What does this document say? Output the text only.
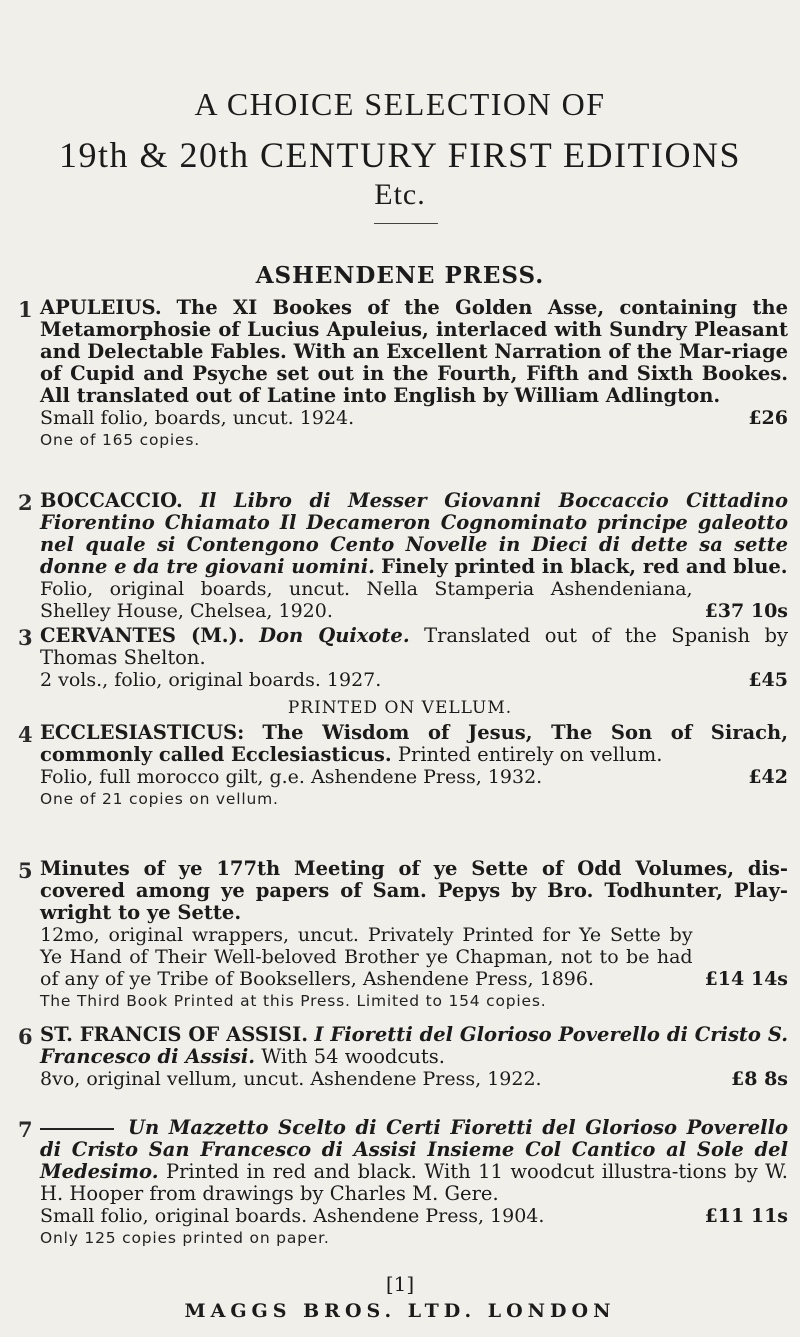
A CHOICE SELECTION OF
19th & 20th CENTURY FIRST EDITIONS
Etc.
ASHENDENE PRESS.
1 APULEIUS. The XI Bookes of the Golden Asse, containing the Metamorphosie of Lucius Apuleius, interlaced with Sundry Pleasant and Delectable Fables. With an Excellent Narration of the Mar-riage of Cupid and Psyche set out in the Fourth, Fifth and Sixth Bookes. All translated out of Latine into English by William Adlington.

Small folio, boards, uncut. 1924.	£26

One of 165 copies.

2 BOCCACCIO. Il Libro di Messer Giovanni Boccaccio Cittadino Fiorentino Chiamato Il Decameron Cognominato principe galeotto nel quale si Contengono Cento Novelle in Dieci di dette sa sette donne e da tre giovani uomini. Finely printed in black, red and blue.

Folio, original boards, uncut. Nella Stamperia Ashendeniana, Shelley House, Chelsea, 1920.	£37 10s

3 CERVANTES (M.). Don Quixote. Translated out of the Spanish by Thomas Shelton.

2 vols., folio, original boards. 1927.	£45

PRINTED ON VELLUM.
4 ECCLESIASTICUS: The Wisdom of Jesus, The Son of Sirach, commonly called Ecclesiasticus. Printed entirely on vellum.

Folio, full morocco gilt, g.e. Ashendene Press, 1932.	£42

One of 21 copies on vellum.

5 Minutes of ye 177th Meeting of ye Sette of Odd Volumes, dis-covered among ye papers of Sam. Pepys by Bro. Todhunter, Play-wright to ye Sette.

12mo, original wrappers, uncut. Privately Printed for Ye Sette by Ye Hand of Their Well-beloved Brother ye Chapman, not to be had of any of ye Tribe of Booksellers, Ashendene Press, 1896.	£14 14s

The Third Book Printed at this Press. Limited to 154 copies.

6 ST. FRANCIS OF ASSISI. I Fioretti del Glorioso Poverello di Cristo S. Francesco di Assisi. With 54 woodcuts.

8vo, original vellum, uncut. Ashendene Press, 1922.	£8 8s

7	Un Mazzetto Scelto di Certi Fioretti del Glorioso Poverello di Cristo San Francesco di Assisi Insieme Col Cantico al Sole del Medesimo. Printed in red and black. With 11 woodcut illustra-tions by W. H. Hooper from drawings by Charles M. Gere.

Small folio, original boards. Ashendene Press, 1904.	£11 11s

Only 125 copies printed on paper.

[1]
MAGGS BROS. LTD. LONDON
